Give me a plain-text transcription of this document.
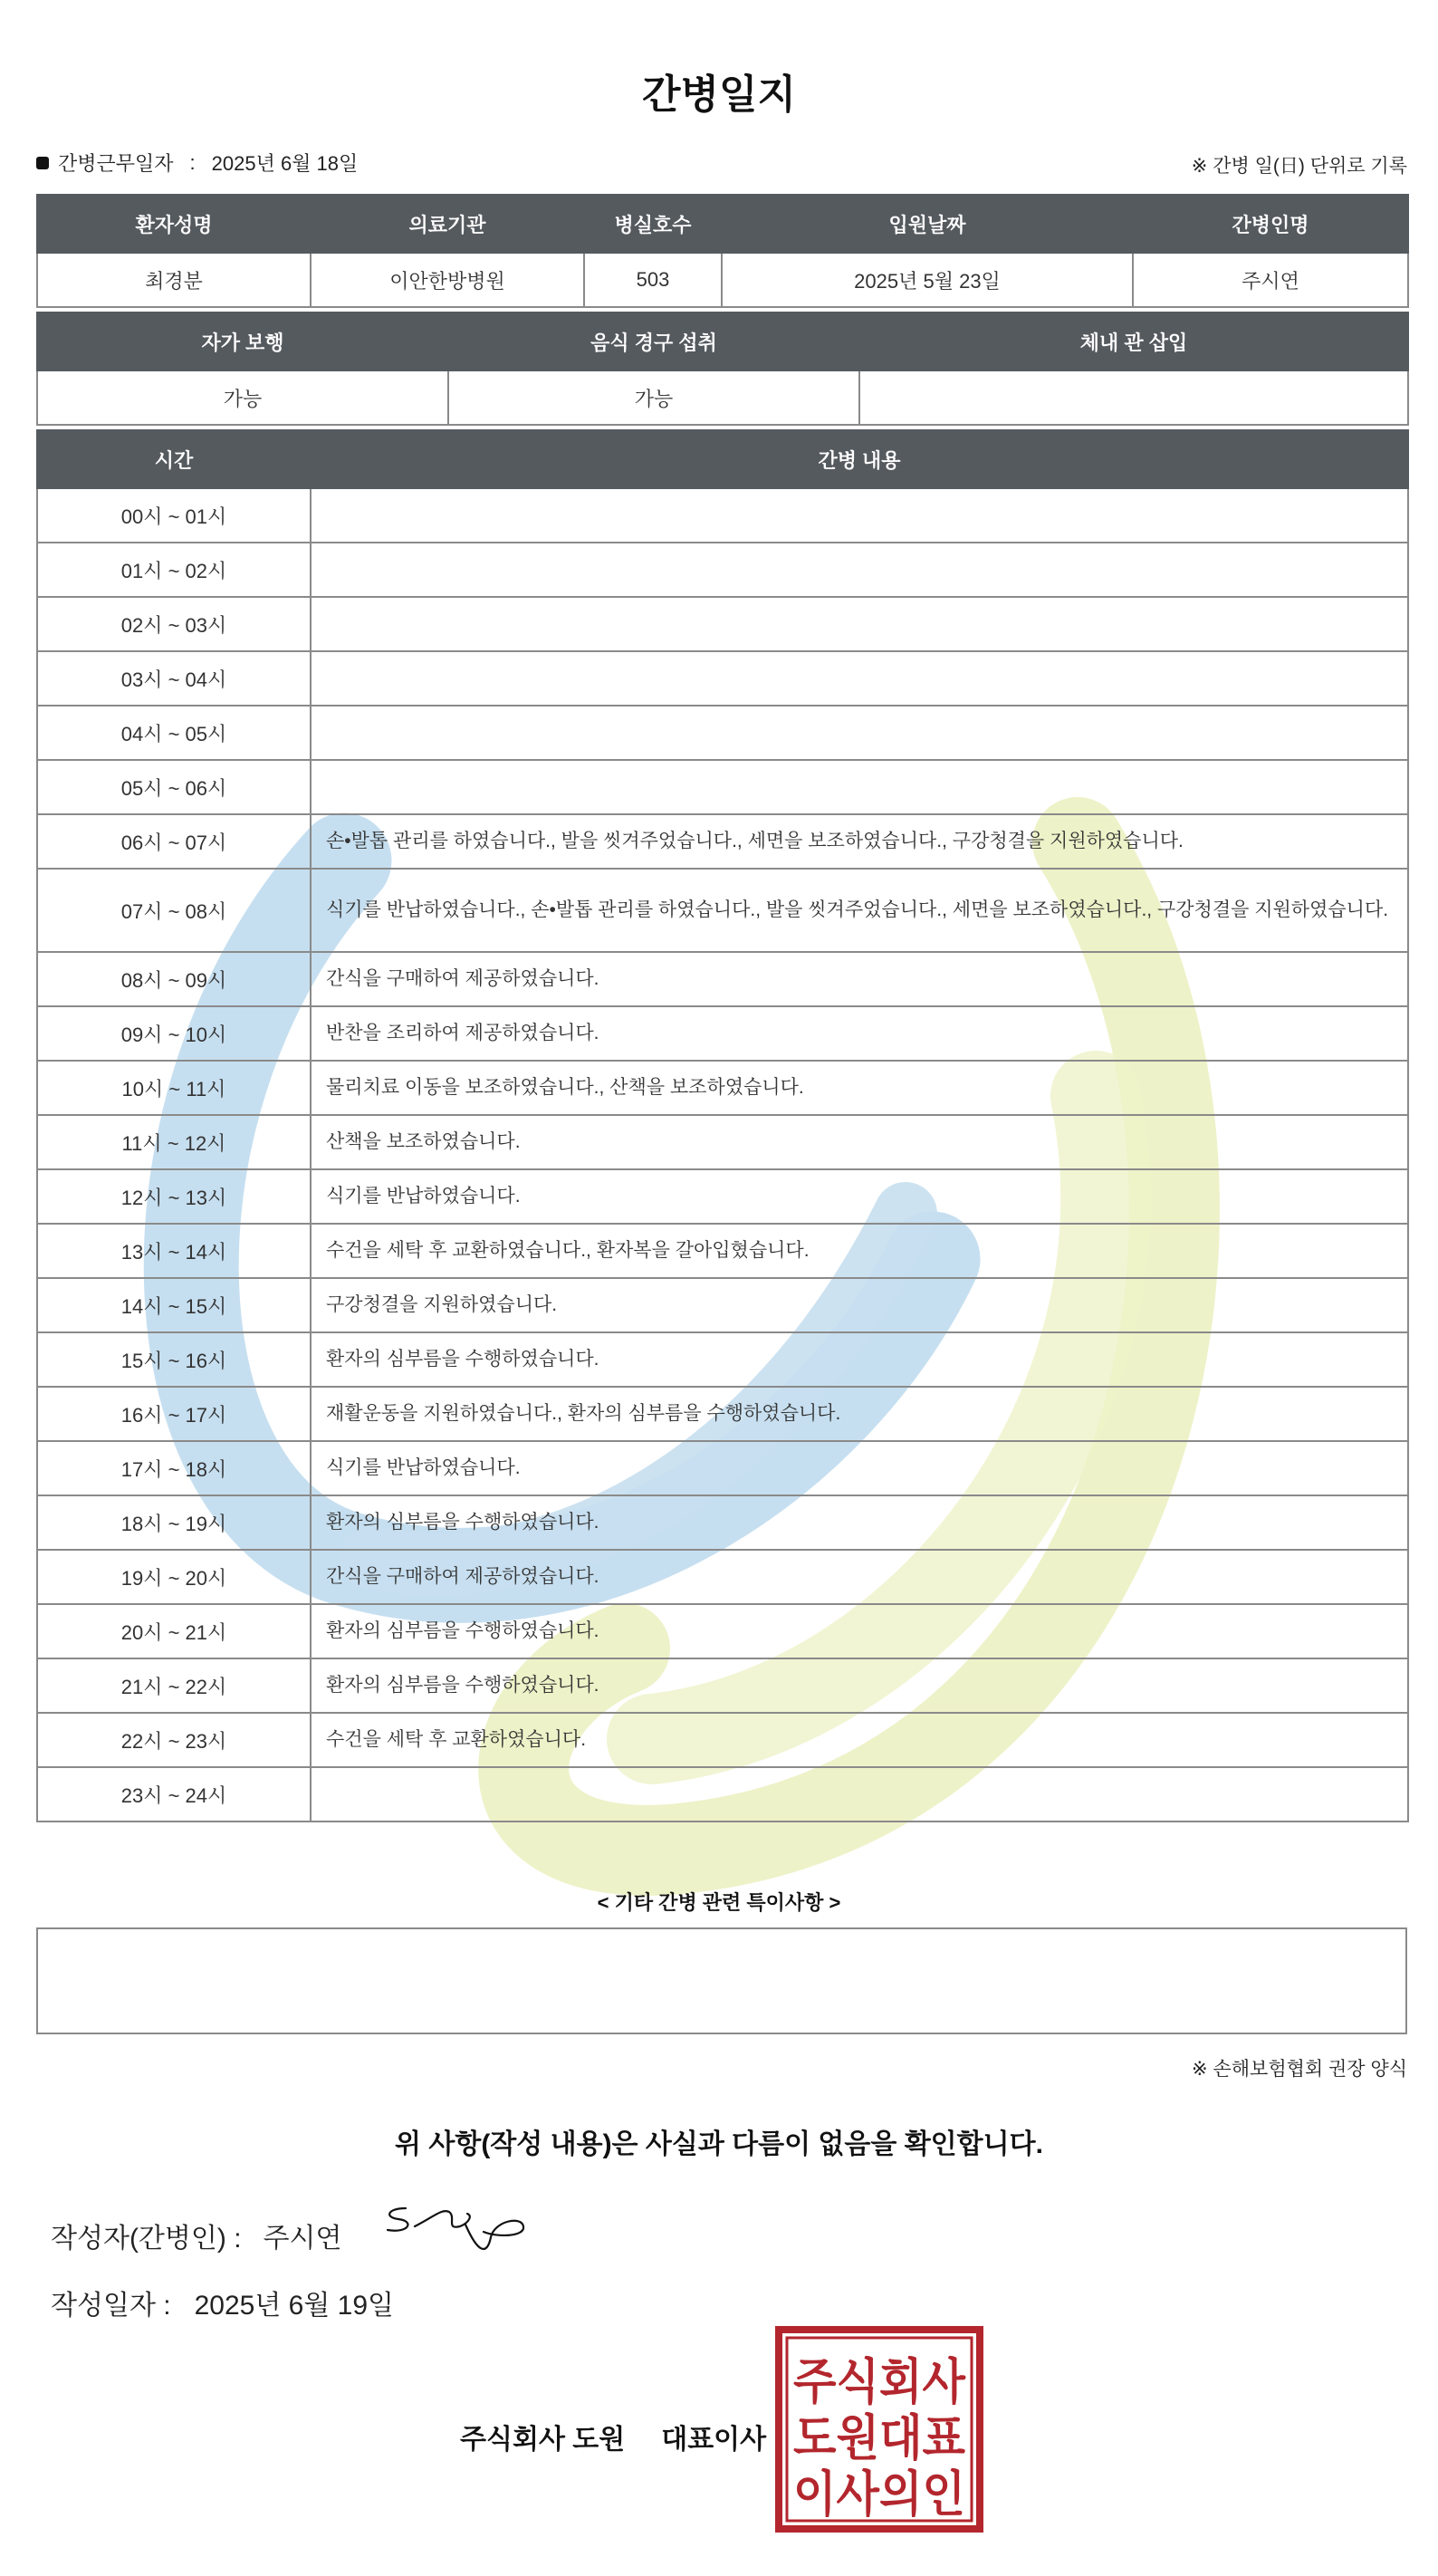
간병일지
간병근무일자 : 2025년 6월 18일	※ 간병 일(日) 단위로 기록
환자성명	의료기관	병실호수	입원날짜	간병인명
최경분	이안한방병원	503	2025년 5월 23일	주시연
자가 보행	음식 경구 섭취	체내 관 삽입
가능	가능	
시간	간병 내용
00시 ~ 01시	
01시 ~ 02시	
02시 ~ 03시	
03시 ~ 04시	
04시 ~ 05시	
05시 ~ 06시	
06시 ~ 07시	손•발톱 관리를 하였습니다., 발을 씻겨주었습니다., 세면을 보조하였습니다., 구강청결을 지원하였습니다.
07시 ~ 08시	식기를 반납하였습니다., 손•발톱 관리를 하였습니다., 발을 씻겨주었습니다., 세면을 보조하였습니다., 구강청결을 지원하였습니다.
08시 ~ 09시	간식을 구매하여 제공하였습니다.
09시 ~ 10시	반찬을 조리하여 제공하였습니다.
10시 ~ 11시	물리치료 이동을 보조하였습니다., 산책을 보조하였습니다.
11시 ~ 12시	산책을 보조하였습니다.
12시 ~ 13시	식기를 반납하였습니다.
13시 ~ 14시	수건을 세탁 후 교환하였습니다., 환자복을 갈아입혔습니다.
14시 ~ 15시	구강청결을 지원하였습니다.
15시 ~ 16시	환자의 심부름을 수행하였습니다.
16시 ~ 17시	재활운동을 지원하였습니다., 환자의 심부름을 수행하였습니다.
17시 ~ 18시	식기를 반납하였습니다.
18시 ~ 19시	환자의 심부름을 수행하였습니다.
19시 ~ 20시	간식을 구매하여 제공하였습니다.
20시 ~ 21시	환자의 심부름을 수행하였습니다.
21시 ~ 22시	환자의 심부름을 수행하였습니다.
22시 ~ 23시	수건을 세탁 후 교환하였습니다.
23시 ~ 24시	
< 기타 간병 관련 특이사항 >
※ 손해보험협회 권장 양식
위 사항(작성 내용)은 사실과 다름이 없음을 확인합니다.
작성자(간병인) : 주시연
작성일자 : 2025년 6월 19일
주식회사 도원 대표이사
주식회사
도원대표
이사의인
